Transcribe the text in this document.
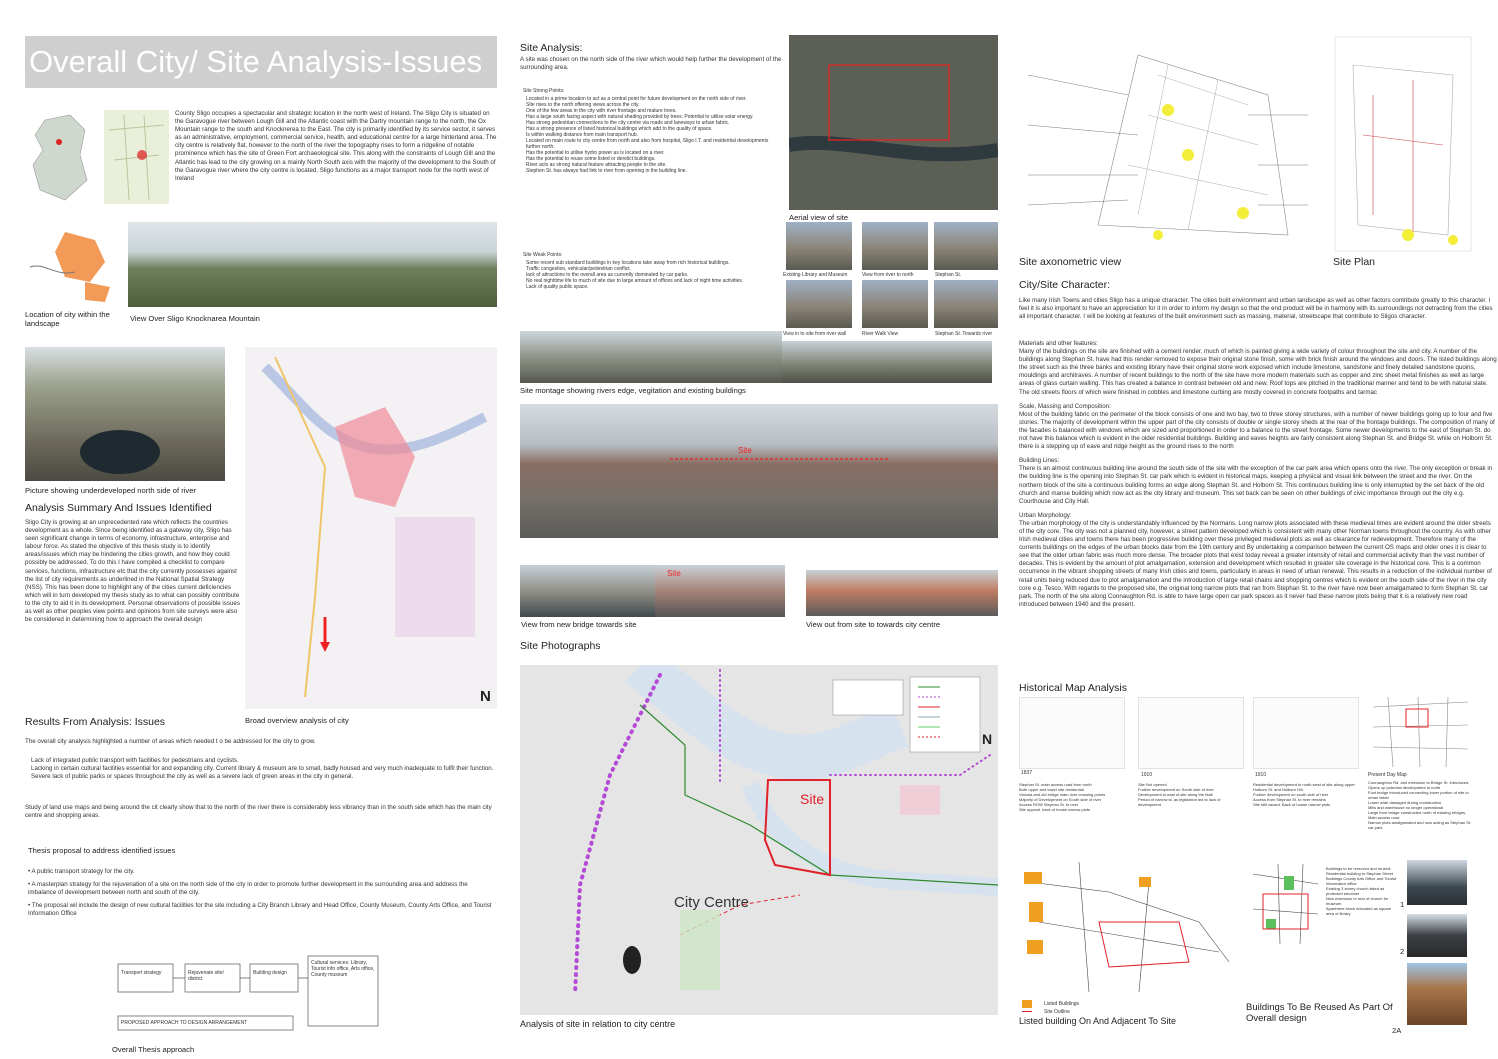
Overall City/ Site Analysis-Issues
County Sligo occupies a spectacular and strategic location in the north west of Ireland. The Sligo City is situated on the Garavogue river between Lough Gill and the Atlantic coast with the Dartry mountain range to the north, the Ox Mountain range to the south and Knocknerea to the East. The city is primarily identified by its service sector, it serves as an administrative, employment, commercial service, health, and educational centre for a large hinterland area. The city centre is relatively flat, however to the north of the river the topography rises to form a ridgeline of notable prominence which has the site of Green Fort archaeological site. This along with the constraints of Lough Gill and the Atlantic has lead to the city growing on a mainly North South axis with the majority of the development to the South of the Garavogue river where the city centre is located. Sligo functions as a major transport node for the north west of Ireland
Location of city within the landscape
View Over Sligo Knocknarea Mountain
Picture showing underdeveloped north side of river
Analysis Summary And Issues Identified
Sligo City is growing at an unprecedented rate which reflects the countries development as a whole. Since being identified as a gateway city, Sligo has seen significant change in terms of economy, infrastructure, enterprise and labour force. As stated the objective of this thesis study is to identify areas/issues which may be hindering the cities growth, and how they could possibly be addressed. To do this I have compiled a checklist to compare services, functions, infrastructure etc that the city currently possesses against the list of city requirements as underlined in the National Spatial Strategy (NSS). This has been done to highlight any of the cities current deficiencies which will in turn developed my thesis study as to what can possibly contribute to the city to aid it in its development. Personal observations of possible issues as well as other peoples view points and opinions from site surveys were also be considered in determining how to approach the overall design
N
Broad overview analysis of city
Results From Analysis: Issues
The overall city analysis highlighted a number of areas which needed t o be addressed for the city to grow.
Lack of integrated public transport with facilities for pedestrians and cyclists.
Lacking in certain cultural facilities essential for and expanding city. Current library & museum are to small, badly housed and very much inadequate to fulfil their function.
Severe lack of public parks or spaces throughout the city as well as a severe lack of green areas in the city in general.
Study of land use maps and being around the cit clearly show that to the north of the river there is considerably less vibrancy than in the south side which has the main city centre and shopping areas.
Thesis proposal to address identified issues
• A public transport strategy for the city.
• A masterplan strategy for the rejuvenation of a site on the north side of the city in order to promote further development in the surrounding area and address the imbalance of development between north and south of the city.
• The proposal wil include the design of new cultural facilities for the site including a City Branch Library and Head Office, County Museum, County Arts Office, and Tourist Information Office
Transport strategy	Rejuvenate site/ district
Building design
Cultural services: Library, Tourist info office, Arts office, County museum
PROPOSED APPROACH TO DESIGN ARRANGEMENT
Overall Thesis approach
Site Analysis:
A site was chosen on the north side of the river which would help further the development of the surrounding area.
Site Strong Points:
Located in a prime location to act as a central point for future development on the north side of river.
Site rises to the north offering views across the city.
One of the few areas in the city with river frontage and mature trees.
Has a large south facing aspect with natural shading provided by trees. Potential to utilise solar energy.
Has strong pedestrian connections to the city centre via roads and laneways to urban fabric.
Has a strong presence of listed historical buildings which add to the quality of space.
Is within walking distance from main transport hub.
Located on main route to city centre from north and also from hospital, Sligo I.T. and residential developments further north.
Has the potential to utilise hydro power as is located on a river.
Has the potential to reuse some listed or derelict buildings.
River acts as strong natural feature attracting people to the site.
Stephen St. has always had link to river from opening in the building line.
Site Weak Points:
Some recent sub standard buildings in key locations take away from rich historical buildings.
Traffic congestion, vehicular/pedestrian conflict.
lack of attractions to the overall area as currently dominated by car parks.
No real nighttime life to much of site due to large amount of offices and lack of night time activities.
Lack of quality public space.
Aerial view of site
Existing Library and Museum	View from river to north	Stephan St.
View in to site from river wall	River Walk View	Stephan St. Towards river
Site montage showing rivers edge, vegitation and existing buildings
Site
Site
View from new bridge towards site	View out from site to towards city centre
Site Photographs
Site
City Centre
N
Analysis of site in relation to city centre
Site axonometric view	Site Plan
City/Site Character:
Like many Irish Towns and cities Sligo has a unique character. The cities built environment and urban landscape as well as other factors contribute greatly to this character. I feel it is also important to have an appreciation for it in order to inform my design so that the end product will be in harmony with its surroundings not detracting from the cities all important character. I will be looking at features of the built environment such as massing, material, streetscape that contribute to Sligos character.
Materials and other features:
Many of the buildings on the site are finished with a cement render, much of which is painted giving a wide variety of colour throughout the site and city. A number of the buildings along Stephan St. have had this render removed to expose their original stone finish, some with brick finish around the windows and doors. The listed buildings along the street such as the three banks and existing library have their original stone work exposed which include limestone, sandstone and finely detailed sandstone quoins, mouldings and architraves. A number of recent buildings to the north of the site have more modern materials such as copper and zinc sheet metal finishes as well as large areas of glass curtain walling. This has created a balance in contrast between old and new. Roof tops are pitched in the traditional manner and tend to be with natural slate. The old streets floors of which were finished in cobbles and limestone curbing are mostly covered in concrete footpaths and tarmac
Scale, Massing and Composition:
Most of the building fabric on the perimeter of the block consists of one and two bay, two to three storey structures, with a number of newer buildings going up to four and five stories. The majority of development within the upper part of the city consists of double or single storey sheds at the rear of the frontage buildings. The composition of many of the facades is balanced with windows which are sized and proportioned in order to a balance to the street frontage. Some newer developments to the east of Stephan St. do not have this balance which is evident in the older residential buildings. Building and eaves heights are fairly consistent along Stephan St. and Bridge St. while on Holborn St. there is a stepping up of eave and ridge height as the ground rises to the north
Building Lines:
There is an almost continuous building line around the south side of the site with the exception of the car park area which opens onto the river. The only exception or break in the building line is the opening into Stephan St. car park which is evident in historical maps, keeping a physical and visual link between the street and the river. On the northern block of the site a continuous building forms an edge along Stephan St. and Holborn St. This continuous building line is only interrupted by the set back of the old church and manse building which now act as the city library and museum. This set back can be seen on other buildings of civic importance through out the city e.g. Courthouse and City Hall.
Urban Morphology:
The urban morphology of the city is understandably influenced by the Normans. Long narrow plots associated with these medieval times are evident around the older streets of the city core. The city was not a planned city, however, a street pattern developed which is consistent with many other Norman towns throughout the country. As with other Irish medieval cities and towns there has been progressive building over these privileged medieval plots as well as clearance for redevelopment. Therefore many of the currents buildings on the edges of the urban blocks date from the 19th century and By undertaking a comparison between the current OS maps and older ones it is clear to see that the older urban fabric was much more dense. The broader plots that exist today reveal a greater intensity of retail and commercial activity than the vast number of decades. This is evident by the amount of plot amalgamation, extension and development which resulted in greater site coverage in the historical core. This is a common occurrence in the vibrant shopping streets of many Irish cities and towns, particularly in areas in need of urban renewal. This results in a reduction of the individual number of retail units being reduced due to plot amalgamation and the introduction of large retail chains and shopping centres which is evident on the south side of the river in the city core e.g. Tesco. With regards to the proposed site, the original long narrow plots that ran from Stephan St. to the river have now been amalgamated to form Stephan St. car park. The north of the site along Connaughton Rd. is able to have large open car park spaces as it never had these narrow plots being that it is a relatively new road introduced between 1940 and the present.
Historical Map Analysis
1837	1910	1910	Present Day Map
Stephan St. main access road from north
Both upper and lower site residential
Victoria and old bridge main river crossing points
Majority of Development on South side of river
Access ROW Stephan St. to river
Site opposit. back of house narrow plots
Site Not opened
Further development on South side of river
Development to east of site along the Mall
Period of narrow st. as legislation led to lack of development
Residential development to north west of site along upper Holborn St. and Holborn Hill
Further development on south side of river
Access from Stephan St. to river remains
Site still vacant. Back of house narrow plots
Connaughton Rd. and extension to Bridge St. introduced. Opens up potential development to north
Foot bridge introduced connecting lower portion of site to urban fabric
Lower wide damaged during construction
Mills and warehouse no longer operational
Large front bridge constructed north of existing bridges, Main access road
Narrow plots amalgamated and now acting as Stephan St. car park
Listed Buildings
Site Outline
Listed building On And Adjacent To Site
Buildings to be removed and reused:
Residential building to Stephan Street Buildings County Arts Office and Tourist Information office
Existing 3 storey church listed as protected structure
New extension to rear of church for museum
Apartment block relocated as square area of library
Buildings To Be Reused As Part Of Overall design
1
2
2A
